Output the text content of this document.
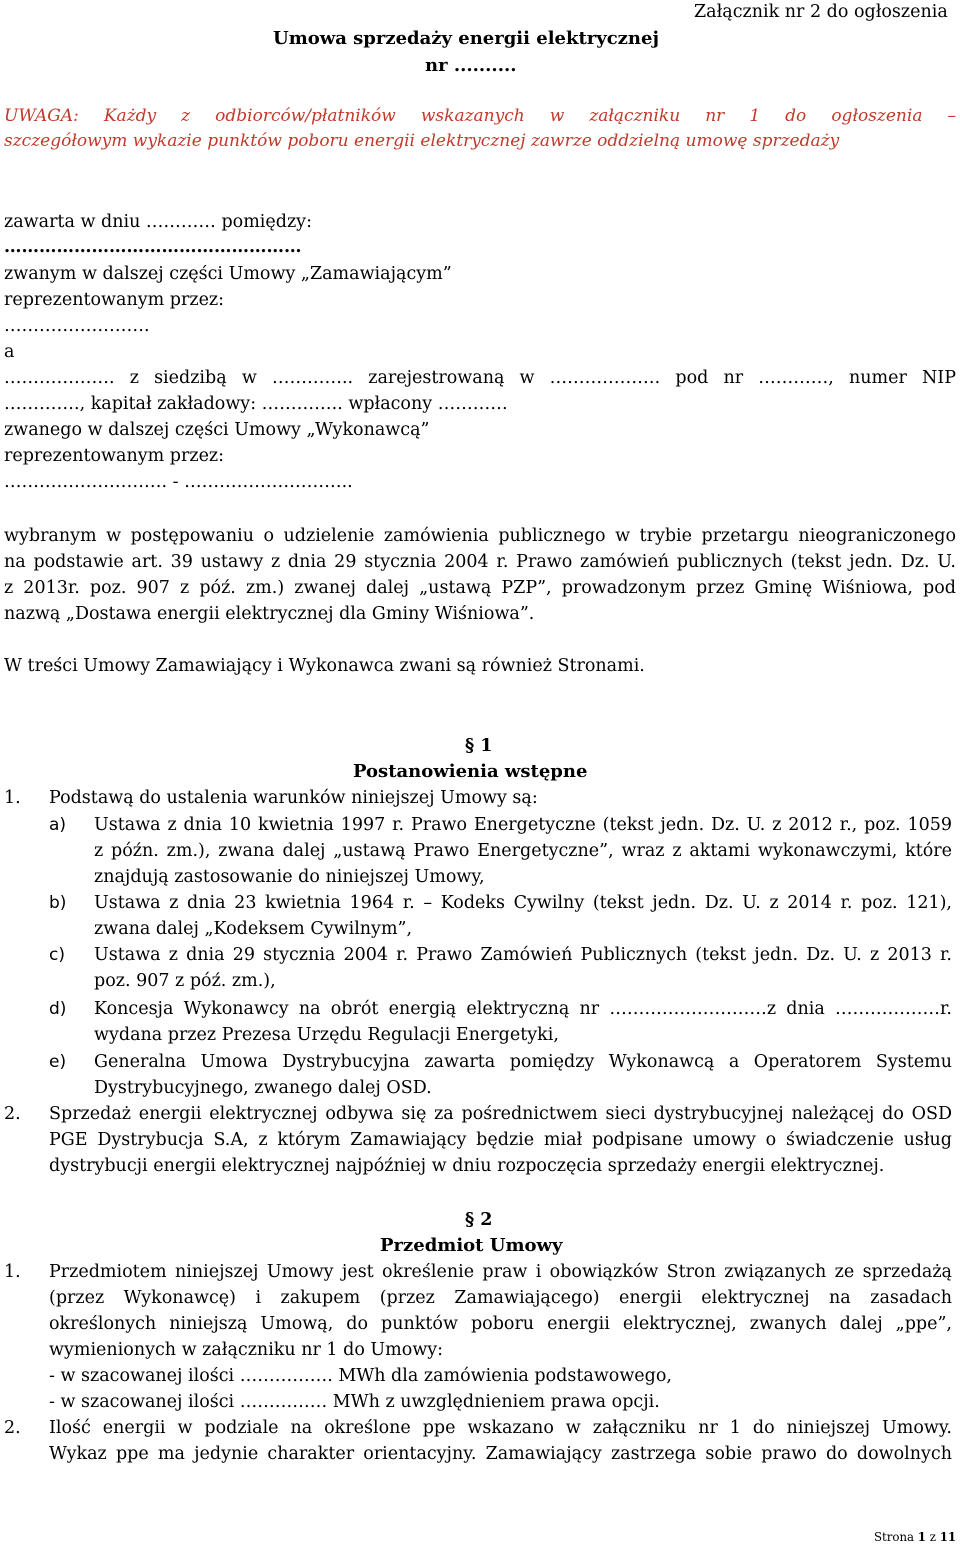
Załącznik nr 2 do ogłoszenia
Umowa sprzedaży energii elektrycznej
nr ..........
UWAGA: Każdy z odbiorców/płatników wskazanych w załączniku nr 1 do ogłoszenia –
szczegółowym wykazie punktów poboru energii elektrycznej zawrze oddzielną umowę sprzedaży
zawarta w dniu ………… pomiędzy:
……………………………………………
zwanym w dalszej części Umowy „Zamawiającym”
reprezentowanym przez:
…………………….
a
………………. z siedzibą w ………….. zarejestrowaną w ………………. pod nr …………, numer NIP
…………., kapitał zakładowy: ………….. wpłacony …………
zwanego w dalszej części Umowy „Wykonawcą”
reprezentowanym przez:
………………………. - ………………………..
wybranym w postępowaniu o udzielenie zamówienia publicznego w trybie przetargu nieograniczonego
na podstawie art. 39 ustawy z dnia 29 stycznia 2004 r. Prawo zamówień publicznych (tekst jedn. Dz. U.
z 2013r. poz. 907 z póź. zm.) zwanej dalej „ustawą PZP”, prowadzonym przez Gminę Wiśniowa, pod
nazwą „Dostawa energii elektrycznej dla Gminy Wiśniowa”.
W treści Umowy Zamawiający i Wykonawca zwani są również Stronami.
§ 1
Postanowienia wstępne
1. Podstawą do ustalenia warunków niniejszej Umowy są:
a) Ustawa z dnia 10 kwietnia 1997 r. Prawo Energetyczne (tekst jedn. Dz. U. z 2012 r., poz. 1059
z późn. zm.), zwana dalej „ustawą Prawo Energetyczne”, wraz z aktami wykonawczymi, które
znajdują zastosowanie do niniejszej Umowy,
b) Ustawa z dnia 23 kwietnia 1964 r. – Kodeks Cywilny (tekst jedn. Dz. U. z 2014 r. poz. 121),
zwana dalej „Kodeksem Cywilnym”,
c) Ustawa z dnia 29 stycznia 2004 r. Prawo Zamówień Publicznych (tekst jedn. Dz. U. z 2013 r.
poz. 907 z póź. zm.),
d) Koncesja Wykonawcy na obrót energią elektryczną nr ………………………z dnia ………………r.
wydana przez Prezesa Urzędu Regulacji Energetyki,
e) Generalna Umowa Dystrybucyjna zawarta pomiędzy Wykonawcą a Operatorem Systemu
Dystrybucyjnego, zwanego dalej OSD.
2. Sprzedaż energii elektrycznej odbywa się za pośrednictwem sieci dystrybucyjnej należącej do OSD
PGE Dystrybucja S.A, z którym Zamawiający będzie miał podpisane umowy o świadczenie usług
dystrybucji energii elektrycznej najpóźniej w dniu rozpoczęcia sprzedaży energii elektrycznej.
§ 2
Przedmiot Umowy
1. Przedmiotem niniejszej Umowy jest określenie praw i obowiązków Stron związanych ze sprzedażą
(przez Wykonawcę) i zakupem (przez Zamawiającego) energii elektrycznej na zasadach
określonych niniejszą Umową, do punktów poboru energii elektrycznej, zwanych dalej „ppe”,
wymienionych w załączniku nr 1 do Umowy:
- w szacowanej ilości ……………. MWh dla zamówienia podstawowego,
- w szacowanej ilości …………… MWh z uwzględnieniem prawa opcji.
2. Ilość energii w podziale na określone ppe wskazano w załączniku nr 1 do niniejszej Umowy.
Wykaz ppe ma jedynie charakter orientacyjny. Zamawiający zastrzega sobie prawo do dowolnych
Strona 1 z 11
